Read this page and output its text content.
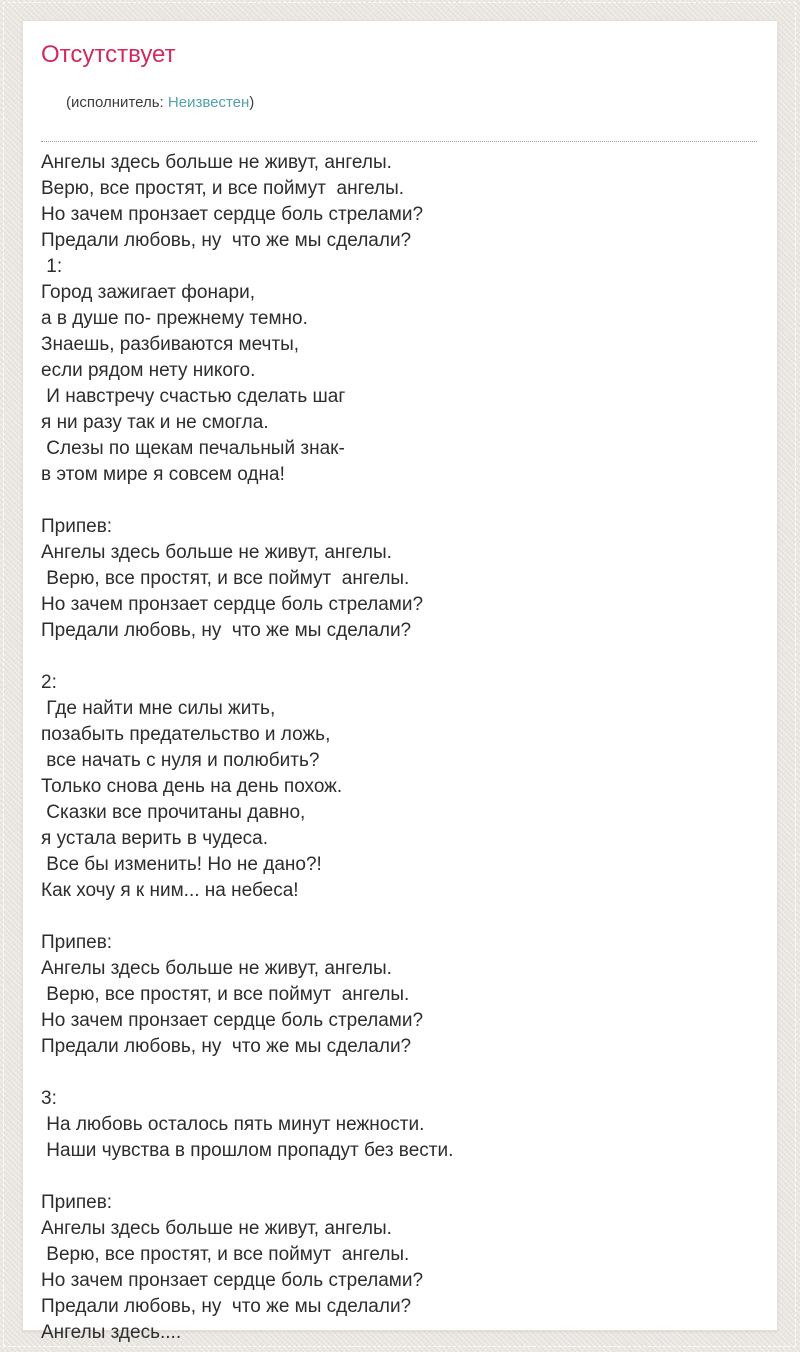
Отсутствует

(исполнитель: Неизвестен)

Ангелы здесь больше не живут, ангелы.
Верю, все простят, и все поймут  ангелы.
Но зачем пронзает сердце боль стрелами?
Предали любовь, ну  что же мы сделали?
1:
Город зажигает фонари,
а в душе по- прежнему темно.
Знаешь, разбиваются мечты,
если рядом нету никого.
И навстречу счастью сделать шаг
я ни разу так и не смогла.
Слезы по щекам печальный знак-
в этом мире я совсем одна!
Припев:
Ангелы здесь больше не живут, ангелы.
Верю, все простят, и все поймут  ангелы.
Но зачем пронзает сердце боль стрелами?
Предали любовь, ну  что же мы сделали?
2:
Где найти мне силы жить,
позабыть предательство и ложь,
все начать с нуля и полюбить?
Только снова день на день похож.
Сказки все прочитаны давно,
я устала верить в чудеса.
Все бы изменить! Но не дано?!
Как хочу я к ним... на небеса!
Припев:
Ангелы здесь больше не живут, ангелы.
Верю, все простят, и все поймут  ангелы.
Но зачем пронзает сердце боль стрелами?
Предали любовь, ну  что же мы сделали?
3:
На любовь осталось пять минут нежности.
Наши чувства в прошлом пропадут без вести.
Припев:
Ангелы здесь больше не живут, ангелы.
Верю, все простят, и все поймут  ангелы.
Но зачем пронзает сердце боль стрелами?
Предали любовь, ну  что же мы сделали?
Ангелы здесь....
